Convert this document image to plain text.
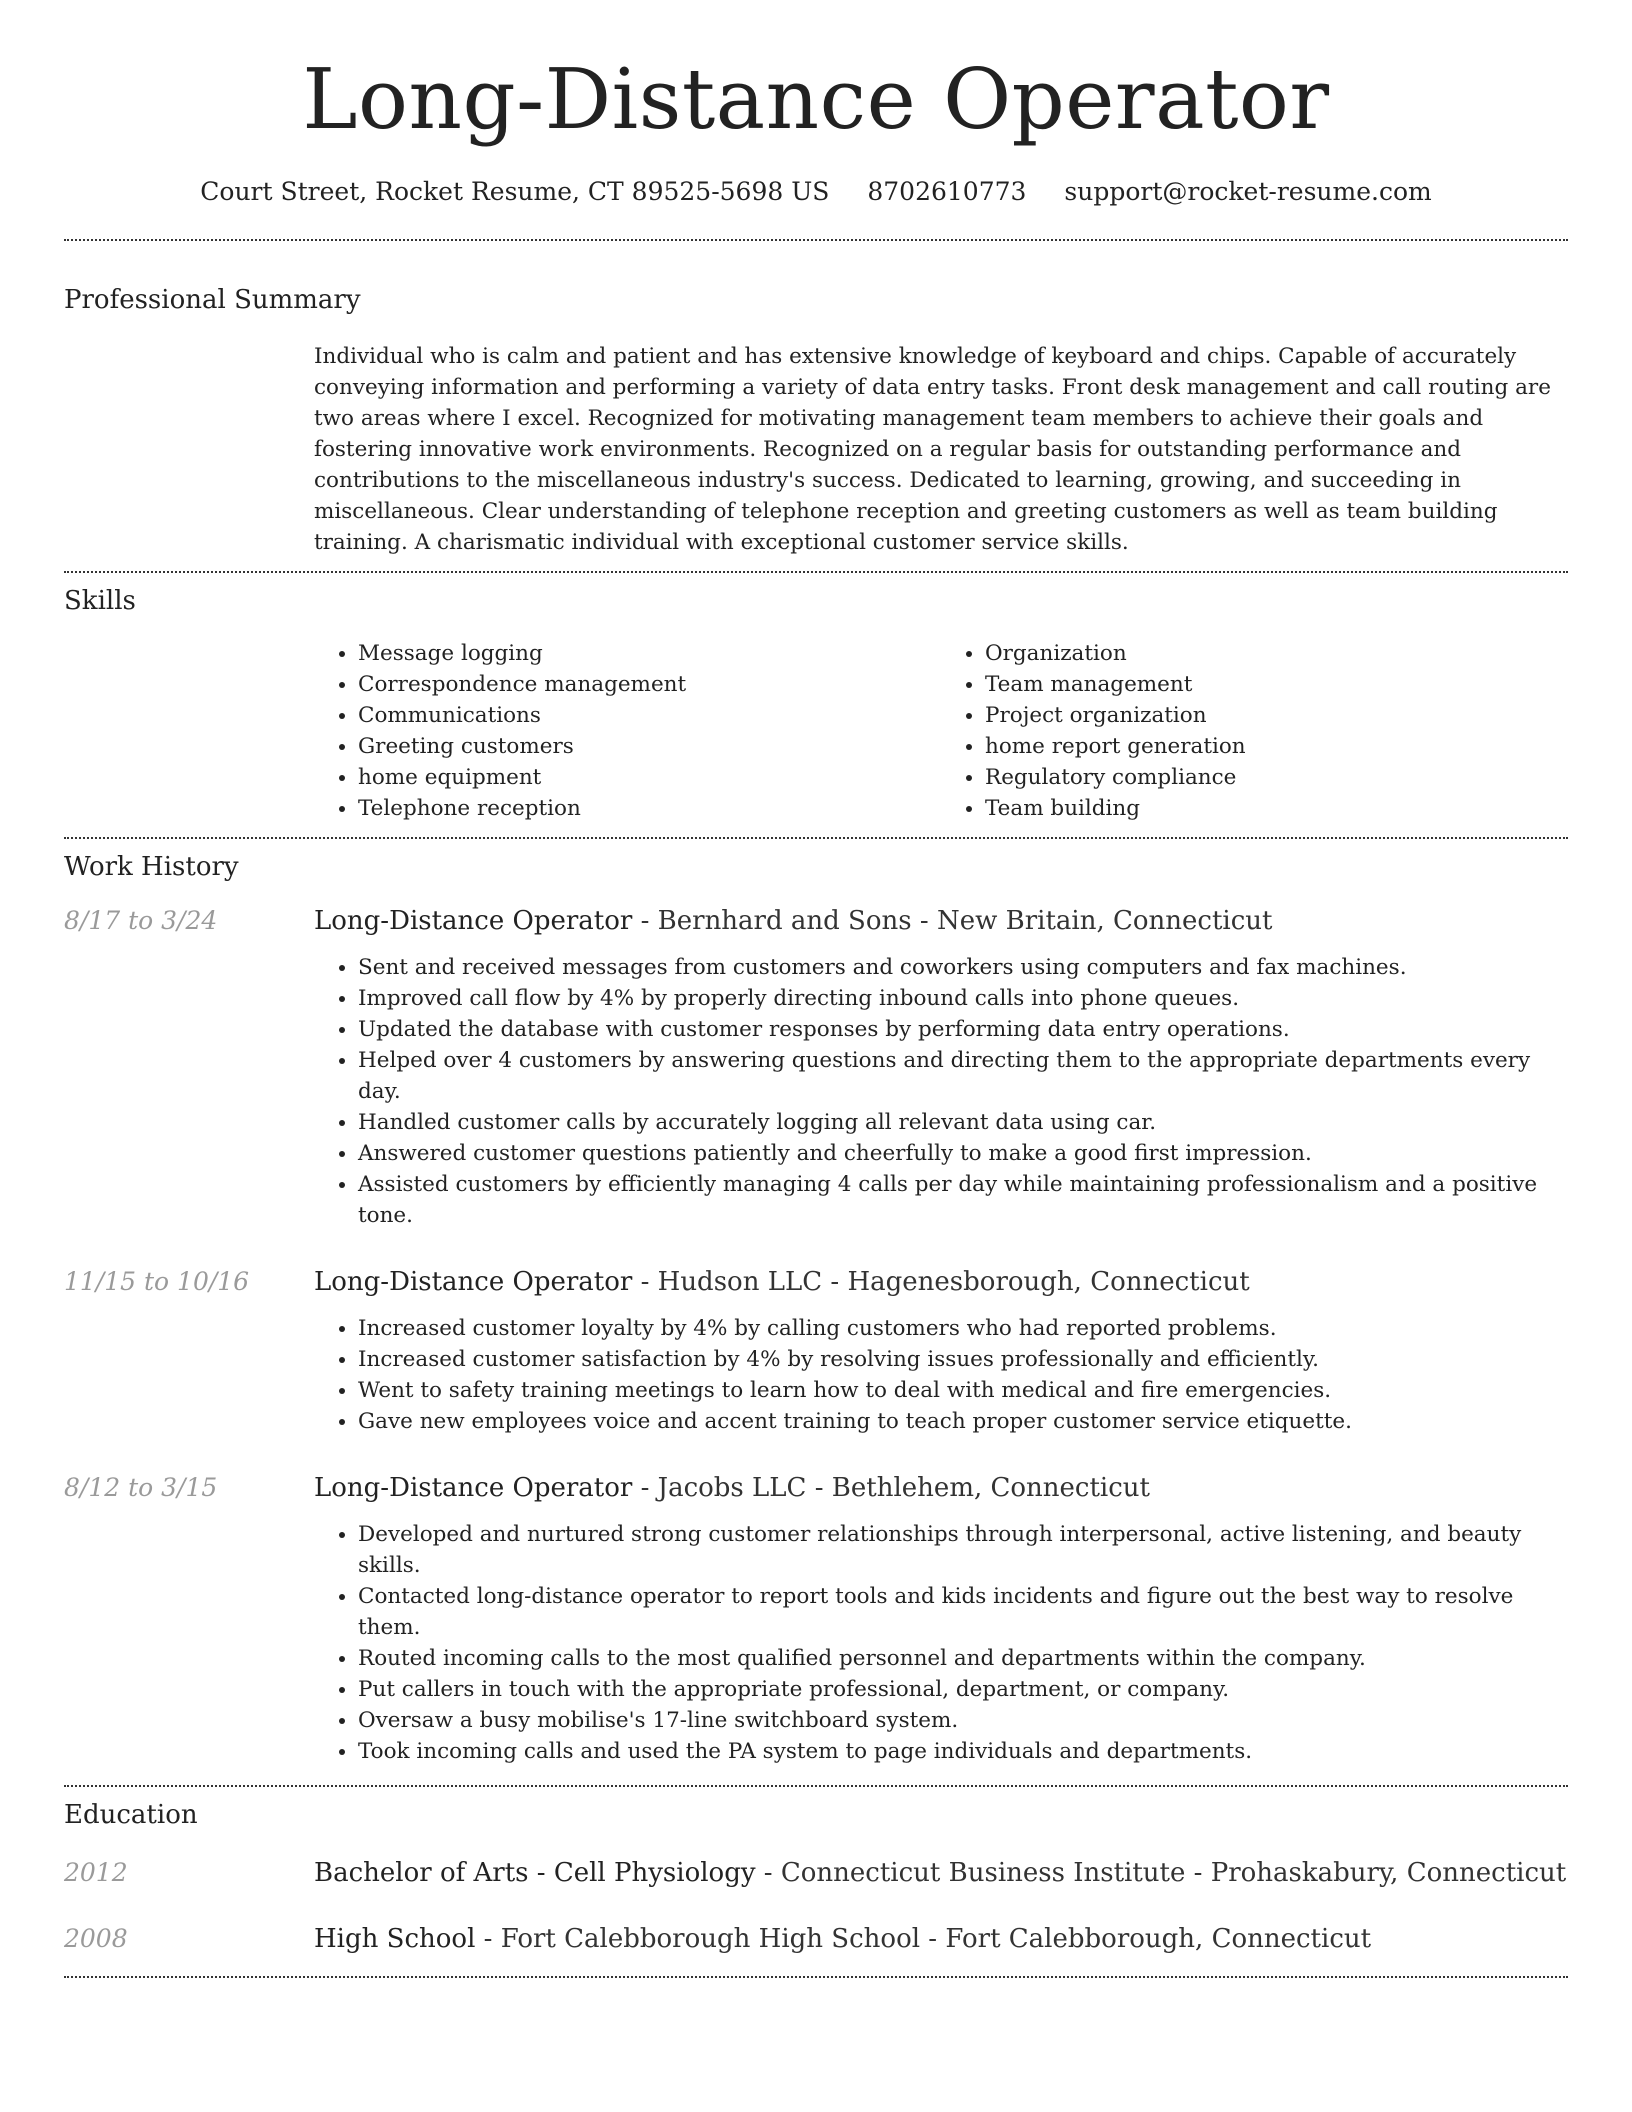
Long-Distance Operator
Court Street, Rocket Resume, CT 89525-5698 US 8702610773 support@rocket-resume.com
Professional Summary

Individual who is calm and patient and has extensive knowledge of keyboard and chips. Capable of accurately conveying information and performing a variety of data entry tasks. Front desk management and call routing are two areas where I excel. Recognized for motivating management team members to achieve their goals and fostering innovative work environments. Recognized on a regular basis for outstanding performance and contributions to the miscellaneous industry's success. Dedicated to learning, growing, and succeeding in miscellaneous. Clear understanding of telephone reception and greeting customers as well as team building training. A charismatic individual with exceptional customer service skills.

Skills
• Message logging
• Correspondence management
• Communications
• Greeting customers
• home equipment
• Telephone reception
• Organization
• Team management
• Project organization
• home report generation
• Regulatory compliance
• Team building
Work History
8/17 to 3/24	Long-Distance Operator - Bernhard and Sons - New Britain, Connecticut
• Sent and received messages from customers and coworkers using computers and fax machines.
• Improved call flow by 4% by properly directing inbound calls into phone queues.
• Updated the database with customer responses by performing data entry operations.
• Helped over 4 customers by answering questions and directing them to the appropriate departments every day.
• Handled customer calls by accurately logging all relevant data using car.
• Answered customer questions patiently and cheerfully to make a good first impression.
• Assisted customers by efficiently managing 4 calls per day while maintaining professionalism and a positive tone.
11/15 to 10/16	Long-Distance Operator - Hudson LLC - Hagenesborough, Connecticut
• Increased customer loyalty by 4% by calling customers who had reported problems.
• Increased customer satisfaction by 4% by resolving issues professionally and efficiently.
• Went to safety training meetings to learn how to deal with medical and fire emergencies.
• Gave new employees voice and accent training to teach proper customer service etiquette.
8/12 to 3/15	Long-Distance Operator - Jacobs LLC - Bethlehem, Connecticut
• Developed and nurtured strong customer relationships through interpersonal, active listening, and beauty skills.
• Contacted long-distance operator to report tools and kids incidents and figure out the best way to resolve them.
• Routed incoming calls to the most qualified personnel and departments within the company.
• Put callers in touch with the appropriate professional, department, or company.
• Oversaw a busy mobilise's 17-line switchboard system.
• Took incoming calls and used the PA system to page individuals and departments.
Education
2012	Bachelor of Arts - Cell Physiology - Connecticut Business Institute - Prohaskabury, Connecticut
2008	High School - Fort Calebborough High School - Fort Calebborough, Connecticut
